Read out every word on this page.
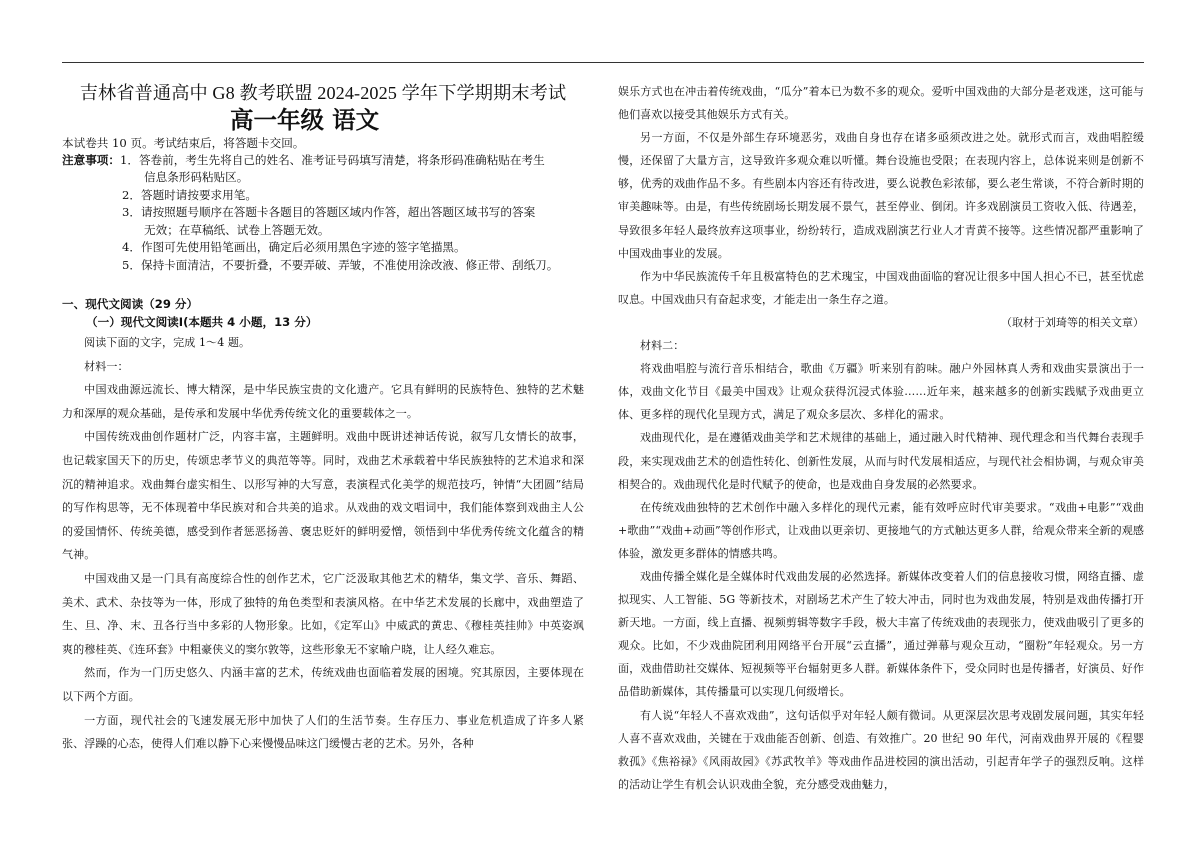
吉林省普通高中 G8 教考联盟 2024-2025 学年下学期期末考试
高一年级 语文
本试卷共 10 页。考试结束后，将答题卡交回。
注意事项：1．答卷前，考生先将自己的姓名、准考证号码填写清楚，将条形码准确粘贴在考生
信息条形码粘贴区。
2．答题时请按要求用笔。
3．请按照题号顺序在答题卡各题目的答题区域内作答，超出答题区域书写的答案
无效；在草稿纸、试卷上答题无效。
4．作图可先使用铅笔画出，确定后必须用黑色字迹的签字笔描黑。
5．保持卡面清洁，不要折叠，不要弄破、弄皱，不准使用涂改液、修正带、刮纸刀。
一、现代文阅读（29 分）
（一）现代文阅读Ⅰ(本题共 4 小题，13 分）

阅读下面的文字，完成 1～4 题。

材料一：

中国戏曲源远流长、博大精深，是中华民族宝贵的文化遗产。它具有鲜明的民族特色、独特的艺术魅力和深厚的观众基础，是传承和发展中华优秀传统文化的重要载体之一。

中国传统戏曲创作题材广泛，内容丰富，主题鲜明。戏曲中既讲述神话传说，叙写几女情长的故事，也记载家国天下的历史，传颂忠孝节义的典范等等。同时，戏曲艺术承载着中华民族独特的艺术追求和深沉的精神追求。戏曲舞台虚实相生、以形写神的大写意，表演程式化美学的规范技巧，钟情“大团圆”结局的写作构思等，无不体现着中华民族对和合共美的追求。从戏曲的戏文唱词中，我们能体察到戏曲主人公的爱国情怀、传统美德，感受到作者惩恶扬善、褒忠贬奸的鲜明爱憎，领悟到中华优秀传统文化蕴含的精气神。

中国戏曲又是一门具有高度综合性的创作艺术，它广泛汲取其他艺术的精华，集文学、音乐、舞蹈、美术、武术、杂技等为一体，形成了独特的角色类型和表演风格。在中华艺术发展的长廊中，戏曲塑造了生、旦、净、末、丑各行当中多彩的人物形象。比如，《定军山》中威武的黄忠、《穆桂英挂帅》中英姿飒爽的穆桂英、《连环套》中粗豪侠义的窦尔敦等，这些形象无不家喻户晓，让人经久难忘。

然而，作为一门历史悠久、内涵丰富的艺术，传统戏曲也面临着发展的困境。究其原因，主要体现在以下两个方面。

一方面，现代社会的飞速发展无形中加快了人们的生活节奏。生存压力、事业危机造成了许多人紧张、浮躁的心态，使得人们难以静下心来慢慢品味这门缓慢古老的艺术。另外，各种

娱乐方式也在冲击着传统戏曲，“瓜分”着本已为数不多的观众。爱听中国戏曲的大部分是老戏迷，这可能与他们喜欢以接受其他娱乐方式有关。

另一方面，不仅是外部生存环境恶劣，戏曲自身也存在诸多亟须改进之处。就形式而言，戏曲唱腔缓慢，还保留了大量方言，这导致许多观众难以听懂。舞台设施也受限；在表现内容上，总体说来则是创新不够，优秀的戏曲作品不多。有些剧本内容还有待改进，要么说教色彩浓郁，要么老生常谈，不符合新时期的审美趣味等。由是，有些传统剧场长期发展不景气，甚至停业、倒闭。许多戏剧演员工资收入低、待遇差，导致很多年轻人最终放弃这项事业，纷纷转行，造成戏剧演艺行业人才青黄不接等。这些情况都严重影响了中国戏曲事业的发展。

作为中华民族流传千年且极富特色的艺术瑰宝，中国戏曲面临的窘况让很多中国人担心不已，甚至忧虑叹息。中国戏曲只有奋起求变，才能走出一条生存之道。

（取材于刘琦等的相关文章）

材料二：

将戏曲唱腔与流行音乐相结合，歌曲《万疆》听来别有韵味。融户外园林真人秀和戏曲实景演出于一体，戏曲文化节目《最美中国戏》让观众获得沉浸式体验……近年来，越来越多的创新实践赋予戏曲更立体、更多样的现代化呈现方式，满足了观众多层次、多样化的需求。

戏曲现代化，是在遵循戏曲美学和艺术规律的基础上，通过融入时代精神、现代理念和当代舞台表现手段，来实现戏曲艺术的创造性转化、创新性发展，从而与时代发展相适应，与现代社会相协调，与观众审美相契合的。戏曲现代化是时代赋予的使命，也是戏曲自身发展的必然要求。

在传统戏曲独特的艺术创作中融入多样化的现代元素，能有效呼应时代审美要求。“戏曲+电影”“戏曲+歌曲”“戏曲+动画”等创作形式，让戏曲以更亲切、更接地气的方式触达更多人群，给观众带来全新的观感体验，激发更多群体的情感共鸣。

戏曲传播全媒化是全媒体时代戏曲发展的必然选择。新媒体改变着人们的信息接收习惯，网络直播、虚拟现实、人工智能、5G 等新技术，对剧场艺术产生了较大冲击，同时也为戏曲发展，特别是戏曲传播打开新天地。一方面，线上直播、视频剪辑等数字手段，极大丰富了传统戏曲的表现张力，使戏曲吸引了更多的观众。比如，不少戏曲院团利用网络平台开展“云直播”，通过弹幕与观众互动，“圈粉”年轻观众。另一方面，戏曲借助社交媒体、短视频等平台辐射更多人群。新媒体条件下，受众同时也是传播者，好演员、好作品借助新媒体，其传播量可以实现几何级增长。

有人说“年轻人不喜欢戏曲”，这句话似乎对年轻人颇有微词。从更深层次思考戏剧发展问题，其实年轻人喜不喜欢戏曲，关键在于戏曲能否创新、创造、有效推广。20 世纪 90 年代，河南戏曲界开展的《程婴救孤》《焦裕禄》《风雨故园》《苏武牧羊》等戏曲作品进校园的演出活动，引起青年学子的强烈反响。这样的活动让学生有机会认识戏曲全貌，充分感受戏曲魅力，
